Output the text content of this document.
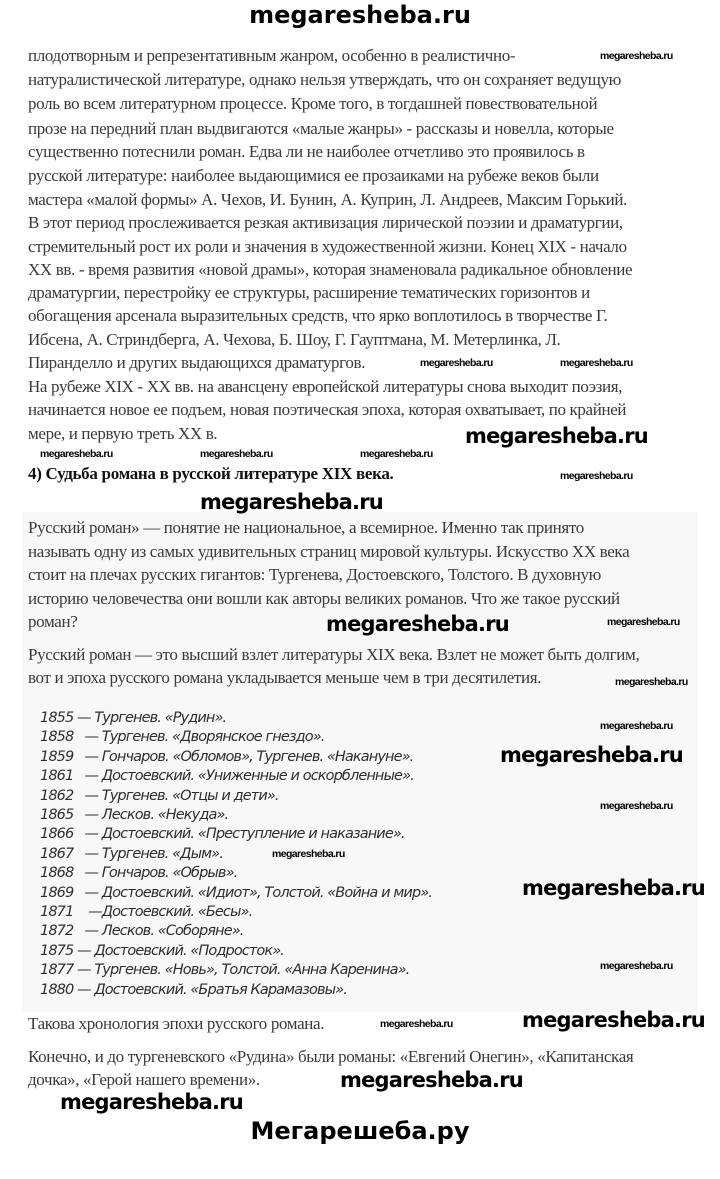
megaresheba.ru
плодотворным и репрезентативным жанром, особенно в реалистично-
натуралистической литературе, однако нельзя утверждать, что он сохраняет ведущую
роль во всем литературном процессе. Кроме того, в тогдашней повествовательной
прозе на передний план выдвигаются «малые жанры» - рассказы и новелла, которые
существенно потеснили роман. Едва ли не наиболее отчетливо это проявилось в
русской литературе: наиболее выдающимися ее прозаиками на рубеже веков были
мастера «малой формы» А. Чехов, И. Бунин, А. Куприн, Л. Андреев, Максим Горький.
В этот период прослеживается резкая активизация лирической поэзии и драматургии,
стремительный рост их роли и значения в художественной жизни. Конец XIX - начало
XX вв. - время развития «новой драмы», которая знаменовала радикальное обновление
драматургии, перестройку ее структуры, расширение тематических горизонтов и
обогащения арсенала выразительных средств, что ярко воплотилось в творчестве Г.
Ибсена, А. Стриндберга, А. Чехова, Б. Шоу, Г. Гауптмана, М. Метерлинка, Л.
Пиранделло и других выдающихся драматургов.
На рубеже XIX - XX вв. на авансцену европейской литературы снова выходит поэзия,
начинается новое ее подъем, новая поэтическая эпоха, которая охватывает, по крайней
мере, и первую треть XX в.
4) Судьба романа в русской литературе XIX века.
Русский роман» — понятие не национальное, а всемирное. Именно так принято
называть одну из самых удивительных страниц мировой культуры. Искусство XX века
стоит на плечах русских гигантов: Тургенева, Достоевского, Толстого. В духовную
историю человечества они вошли как авторы великих романов. Что же такое русский
роман?
Русский роман — это высший взлет литературы XIX века. Взлет не может быть долгим,
вот и эпоха русского романа укладывается меньше чем в три десятилетия.
1855 — Тургенев. «Рудин».
1858   — Тургенев. «Дворянское гнездо».
1859   — Гончаров. «Обломов», Тургенев. «Накануне».
1861   — Достоевский. «Униженные и оскорбленные».
1862   — Тургенев. «Отцы и дети».
1865   — Лесков. «Некуда».
1866   — Достоевский. «Преступление и наказание».
1867   — Тургенев. «Дым».
1868   — Гончаров. «Обрыв».
1869   — Достоевский. «Идиот», Толстой. «Война и мир».
1871    —Достоевский. «Бесы».
1872   — Лесков. «Соборяне».
1875 — Достоевский. «Подросток».
1877 — Тургенев. «Новь», Толстой. «Анна Каренина».
1880 — Достоевский. «Братья Карамазовы».
Такова хронология эпохи русского романа.
Конечно, и до тургеневского «Рудина» были романы: «Евгений Онегин», «Капитанская
дочка», «Герой нашего времени».
megaresheba.ru
megaresheba.ru	megaresheba.ru
megaresheba.ru	megaresheba.ru	megaresheba.ru
megaresheba.ru
megaresheba.ru
megaresheba.ru
megaresheba.ru
megaresheba.ru
megaresheba.ru
megaresheba.ru
megaresheba.ru
megaresheba.ru
megaresheba.ru
megaresheba.ru
megaresheba.ru
megaresheba.ru
megaresheba.ru
megaresheba.ru
megaresheba.ru
Мегарешеба.ру
